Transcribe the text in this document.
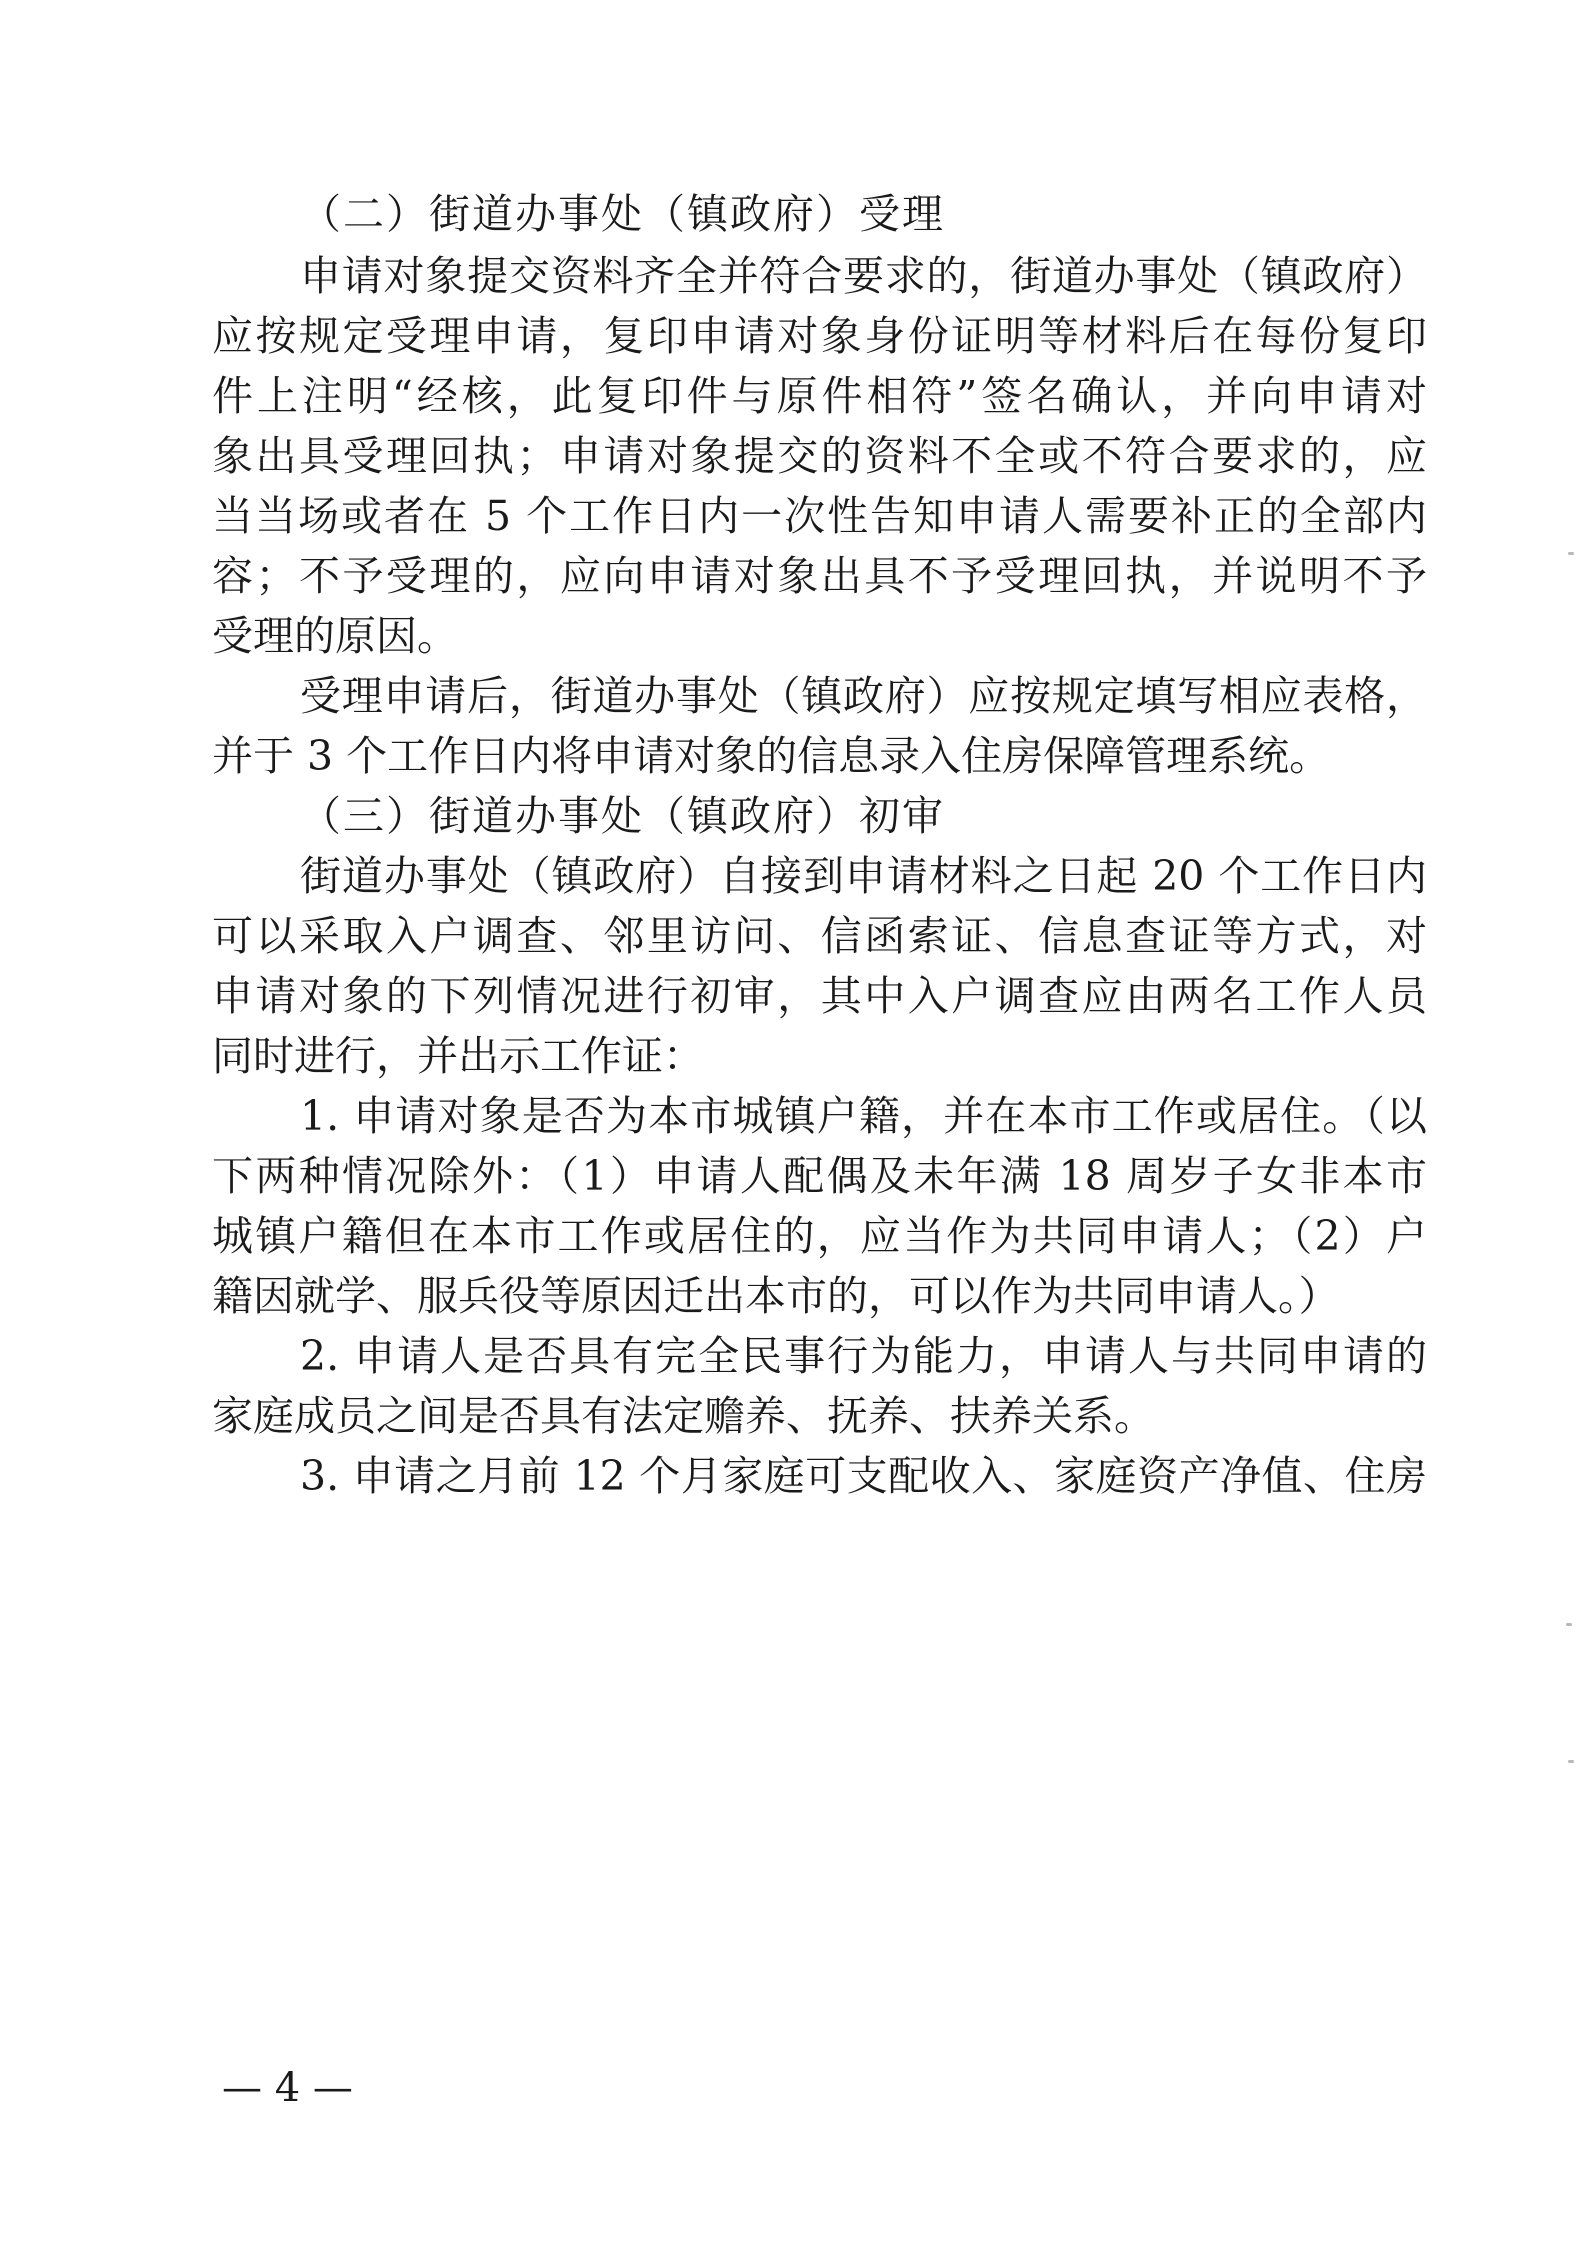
（二）街道办事处（镇政府）受理
申请对象提交资料齐全并符合要求的，街道办事处（镇政府）
应按规定受理申请，复印申请对象身份证明等材料后在每份复印
件上注明“经核，此复印件与原件相符”签名确认，并向申请对
象出具受理回执；申请对象提交的资料不全或不符合要求的，应
当当场或者在 5 个工作日内一次性告知申请人需要补正的全部内
容；不予受理的，应向申请对象出具不予受理回执，并说明不予
受理的原因。
受理申请后，街道办事处（镇政府）应按规定填写相应表格，
并于 3 个工作日内将申请对象的信息录入住房保障管理系统。
（三）街道办事处（镇政府）初审
街道办事处（镇政府）自接到申请材料之日起 20 个工作日内
可以采取入户调查、邻里访问、信函索证、信息查证等方式，对
申请对象的下列情况进行初审，其中入户调查应由两名工作人员
同时进行，并出示工作证：
1. 申请对象是否为本市城镇户籍，并在本市工作或居住。（以
下两种情况除外：（1）申请人配偶及未年满 18 周岁子女非本市
城镇户籍但在本市工作或居住的，应当作为共同申请人；（2）户
籍因就学、服兵役等原因迁出本市的，可以作为共同申请人。）
2. 申请人是否具有完全民事行为能力，申请人与共同申请的
家庭成员之间是否具有法定赡养、抚养、扶养关系。
3. 申请之月前 12 个月家庭可支配收入、家庭资产净值、住房
— 4 —
